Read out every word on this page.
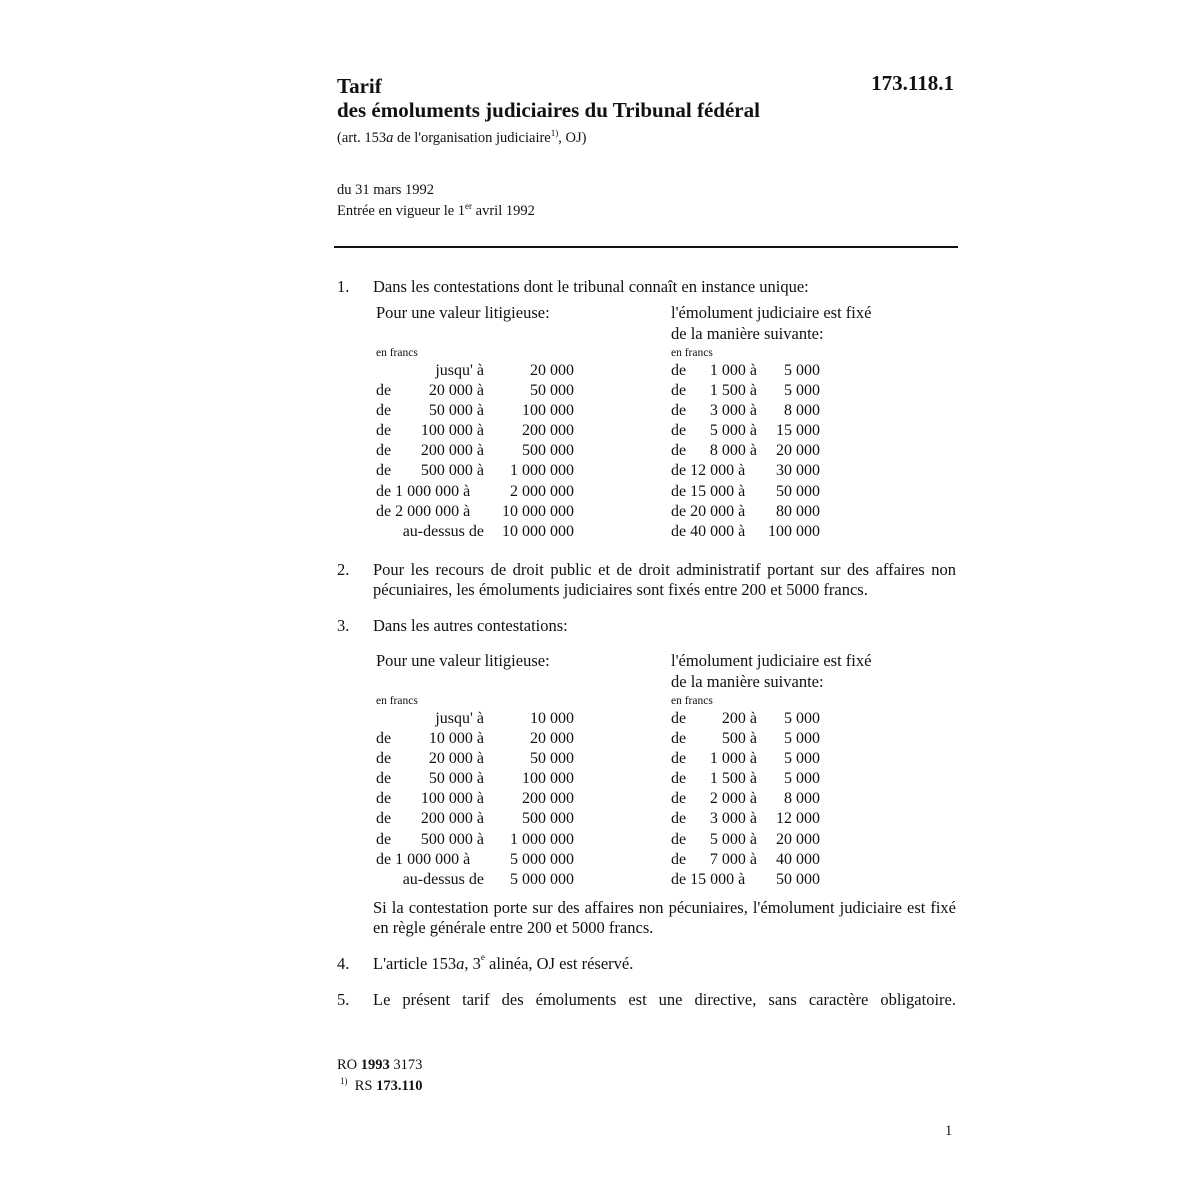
Tarif
des émoluments judiciaires du Tribunal fédéral
173.118.1
(art. 153a de l'organisation judiciaire$^{1)}$, OJ)
du 31 mars 1992
Entrée en vigueur le 1er avril 1992
1. Dans les contestations dont le tribunal connaît en instance unique:
Pour une valeur litigieuse:	l'émolument judiciaire est fixé
de la manière suivante:
en francs	en francs
jusqu' à	20 000	de 1 000 à 5 000
de 20 000 à	50 000	de 1 500 à 5 000
de 50 000 à 100 000	de 3 000 à 8 000
de 100 000 à 200 000	de 5 000 à 15 000
de 200 000 à 500 000	de 8 000 à 20 000
de 500 000 à 1 000 000	de 12 000 à 30 000
de 1 000 000 à 2 000 000	de 15 000 à 50 000
de 2 000 000 à 10 000 000	de 20 000 à 80 000
au-dessus de 10 000 000	de 40 000 à 100 000
2. Pour les recours de droit public et de droit administratif portant sur des affaires non pécuniaires, les émoluments judiciaires sont fixés entre 200 et 5000 francs.
3. Dans les autres contestations:
Pour une valeur litigieuse:	l'émolument judiciaire est fixé
de la manière suivante:
en francs	en francs
jusqu' à	10 000	de 200 à 5 000
de 10 000 à	20 000	de 500 à 5 000
de 20 000 à	50 000	de 1 000 à 5 000
de 50 000 à 100 000	de 1 500 à 5 000
de 100 000 à 200 000	de 2 000 à 8 000
de 200 000 à 500 000	de 3 000 à 12 000
de 500 000 à 1 000 000	de 5 000 à 20 000
de 1 000 000 à 5 000 000	de 7 000 à 40 000
au-dessus de 5 000 000	de 15 000 à 50 000
Si la contestation porte sur des affaires non pécuniaires, l'émolument judiciaire est fixé en règle générale entre 200 et 5000 francs.
4. L'article 153a, 3e alinéa, OJ est réservé.
5. Le présent tarif des émoluments est une directive, sans caractère obligatoire.
RO 1993 3173
$^{1)}$ RS 173.110
1
